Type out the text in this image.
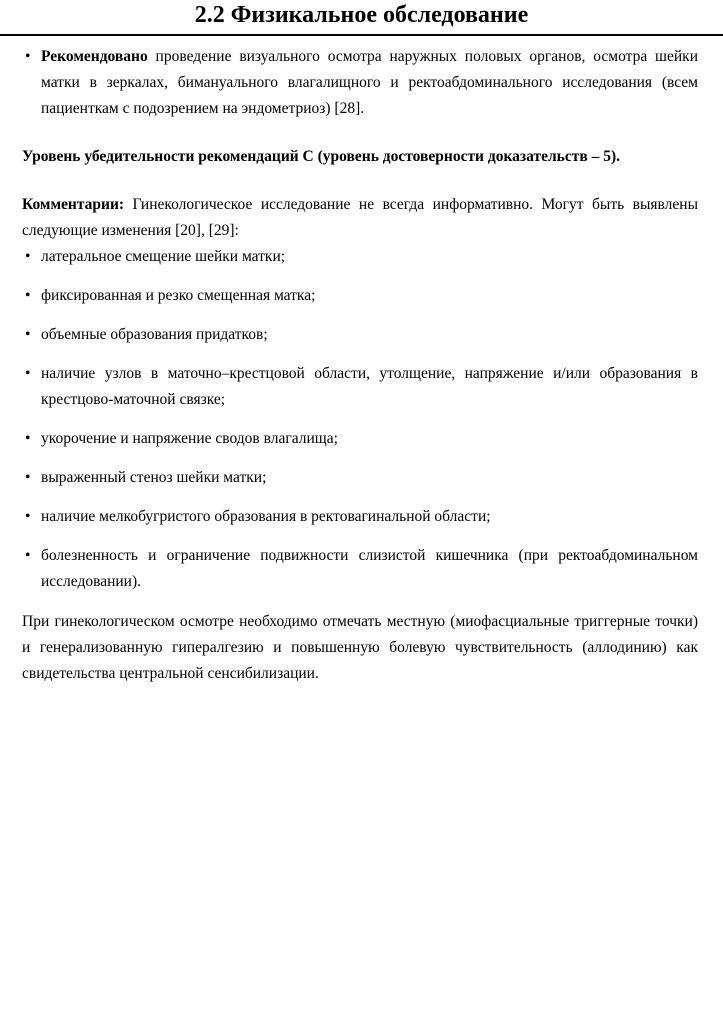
2.2 Физикальное обследование
• Рекомендовано проведение визуального осмотра наружных половых органов, осмотра шейки матки в зеркалах, бимануального влагалищного и ректоабдоминального исследования (всем пациенткам с подозрением на эндометриоз) [28].

Уровень убедительности рекомендаций C (уровень достоверности доказательств – 5).

Комментарии: Гинекологическое исследование не всегда информативно. Могут быть выявлены следующие изменения [20], [29]:

• латеральное смещение шейки матки;
• фиксированная и резко смещенная матка;
• объемные образования придатков;
• наличие узлов в маточно–крестцовой области, утолщение, напряжение и/или образования в крестцово-маточной связке;
• укорочение и напряжение сводов влагалища;
• выраженный стеноз шейки матки;
• наличие мелкобугристого образования в ректовагинальной области;
• болезненность и ограничение подвижности слизистой кишечника (при ректоабдоминальном исследовании).

При гинекологическом осмотре необходимо отмечать местную (миофасциальные триггерные точки) и генерализованную гипералгезию и повышенную болевую чувствительность (аллодинию) как свидетельства центральной сенсибилизации.
